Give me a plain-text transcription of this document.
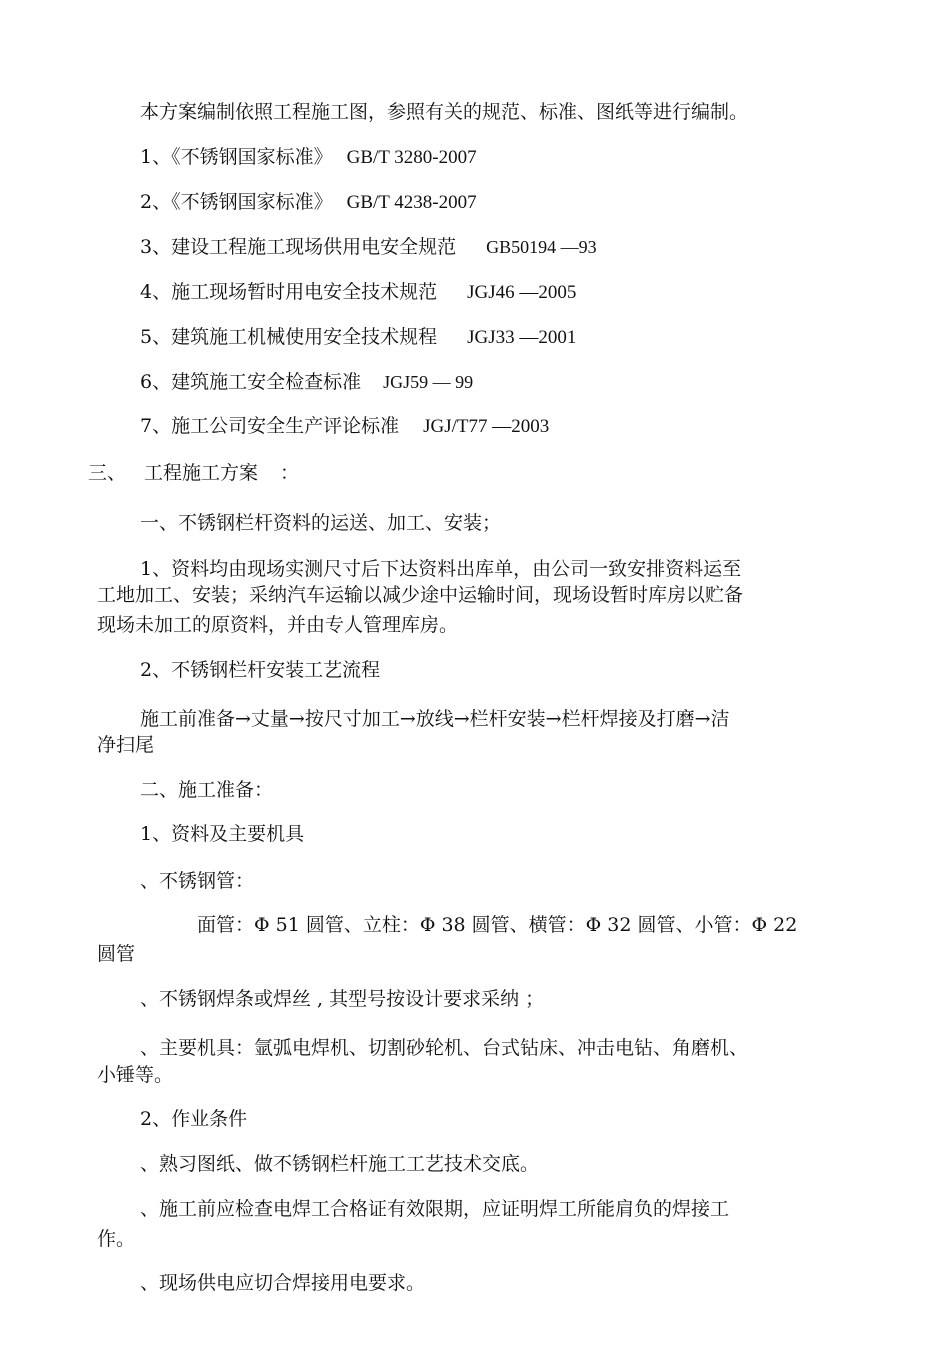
本方案编制依照工程施工图，参照有关的规范、标准、图纸等进行编制。
1、《不锈钢国家标准》 GB/T 3280-2007
2、《不锈钢国家标准》 GB/T 4238-2007
3、建设工程施工现场供用电安全规范 GB50194 —93
4、施工现场暂时用电安全技术规范 JGJ46 —2005
5、建筑施工机械使用安全技术规程 JGJ33 —2001
6、建筑施工安全检查标准 JGJ59 — 99
7、施工公司安全生产评论标准 JGJ/T77 —2003
三、 工程施工方案 ：
一、不锈钢栏杆资料的运送、加工、安装；
1、资料均由现场实测尺寸后下达资料出库单，由公司一致安排资料运至
工地加工、安装；采纳汽车运输以减少途中运输时间，现场设暂时库房以贮备
现场未加工的原资料，并由专人管理库房。
2、不锈钢栏杆安装工艺流程
施工前准备→丈量→按尺寸加工→放线→栏杆安装→栏杆焊接及打磨→洁
净扫尾
二、施工准备：
1、资料及主要机具
、不锈钢管：
面管：Φ 51 圆管、立柱：Φ 38 圆管、横管：Φ 32 圆管、小管：Φ 22
圆管
、不锈钢焊条或焊丝 , 其型号按设计要求采纳 ；
、主要机具：氩弧电焊机、切割砂轮机、台式钻床、冲击电钻、角磨机、
小锤等。
2、作业条件
、熟习图纸、做不锈钢栏杆施工工艺技术交底。
、施工前应检查电焊工合格证有效限期，应证明焊工所能肩负的焊接工
作。
、现场供电应切合焊接用电要求。
